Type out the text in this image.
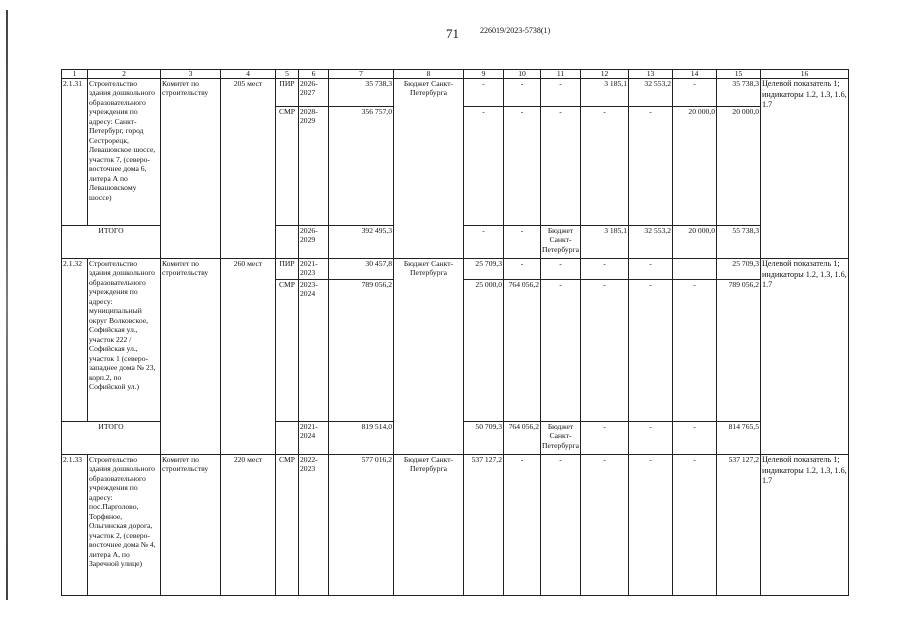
71	226019/2023-5738(1)
1	2	3	4	5	6	7	8	9	10	11	12	13	14	15	16
2.1.31	Строительство здания дошкольного образовательного учреждения по адресу: Санкт-Петербург, город Сестрорецк, Левашовское шоссе, участок 7, (северо-восточнее дома 6, литера А по Левашовскому шоссе)	Комитет по строительству	205 мест	ПИР	2026-2027	35 738,3	Бюджет Санкт-Петербурга	-	-	-	3 185,1	32 553,2	-	35 738,3	Целевой показатель 1; индикаторы 1.2, 1.3, 1.6, 1.7
				СМР	2028-2029	356 757,0		-	-	-	-	-	20 000,0	20 000,0	
ИТОГО					2026-2029	392 495,3		-	-	Бюджет Санкт-Петербурга	3 185,1	32 553,2	20 000,0	55 738,3	
2.1.32	Строительство здания дошкольного образовательного учреждения по адресу: муниципальный округ Волковское, Софийская ул., участок 222 / Софийская ул., участок 1 (северо-западнее дома № 23, корп.2, по Софийской ул.)	Комитет по строительству	260 мест	ПИР	2021-2023	30 457,8	Бюджет Санкт-Петербурга	25 709,3	-	-	-	-		25 709,3	Целевой показатель 1; индикаторы 1.2, 1.3, 1.6, 1.7
				СМР	2023-2024	789 056,2		25 000,0	764 056,2	-	-	-	-	789 056,2	
ИТОГО					2021-2024	819 514,0		50 709,3	764 056,2	Бюджет Санкт-Петербурга	-	-	-	814 765,5	
2.1.33	Строительство здания дошкольного образовательного учреждения по адресу: пос.Парголово, Торфяное, Ольгинская дорога, участок 2, (северо-восточнее дома № 4, литера А, по Заречной улице)	Комитет по строительству	220 мест	СМР	2022-2023	577 016,2	Бюджет Санкт-Петербурга	537 127,2	-	-	-	-	-	537 127,2	Целевой показатель 1; индикаторы 1.2, 1.3, 1.6, 1.7
